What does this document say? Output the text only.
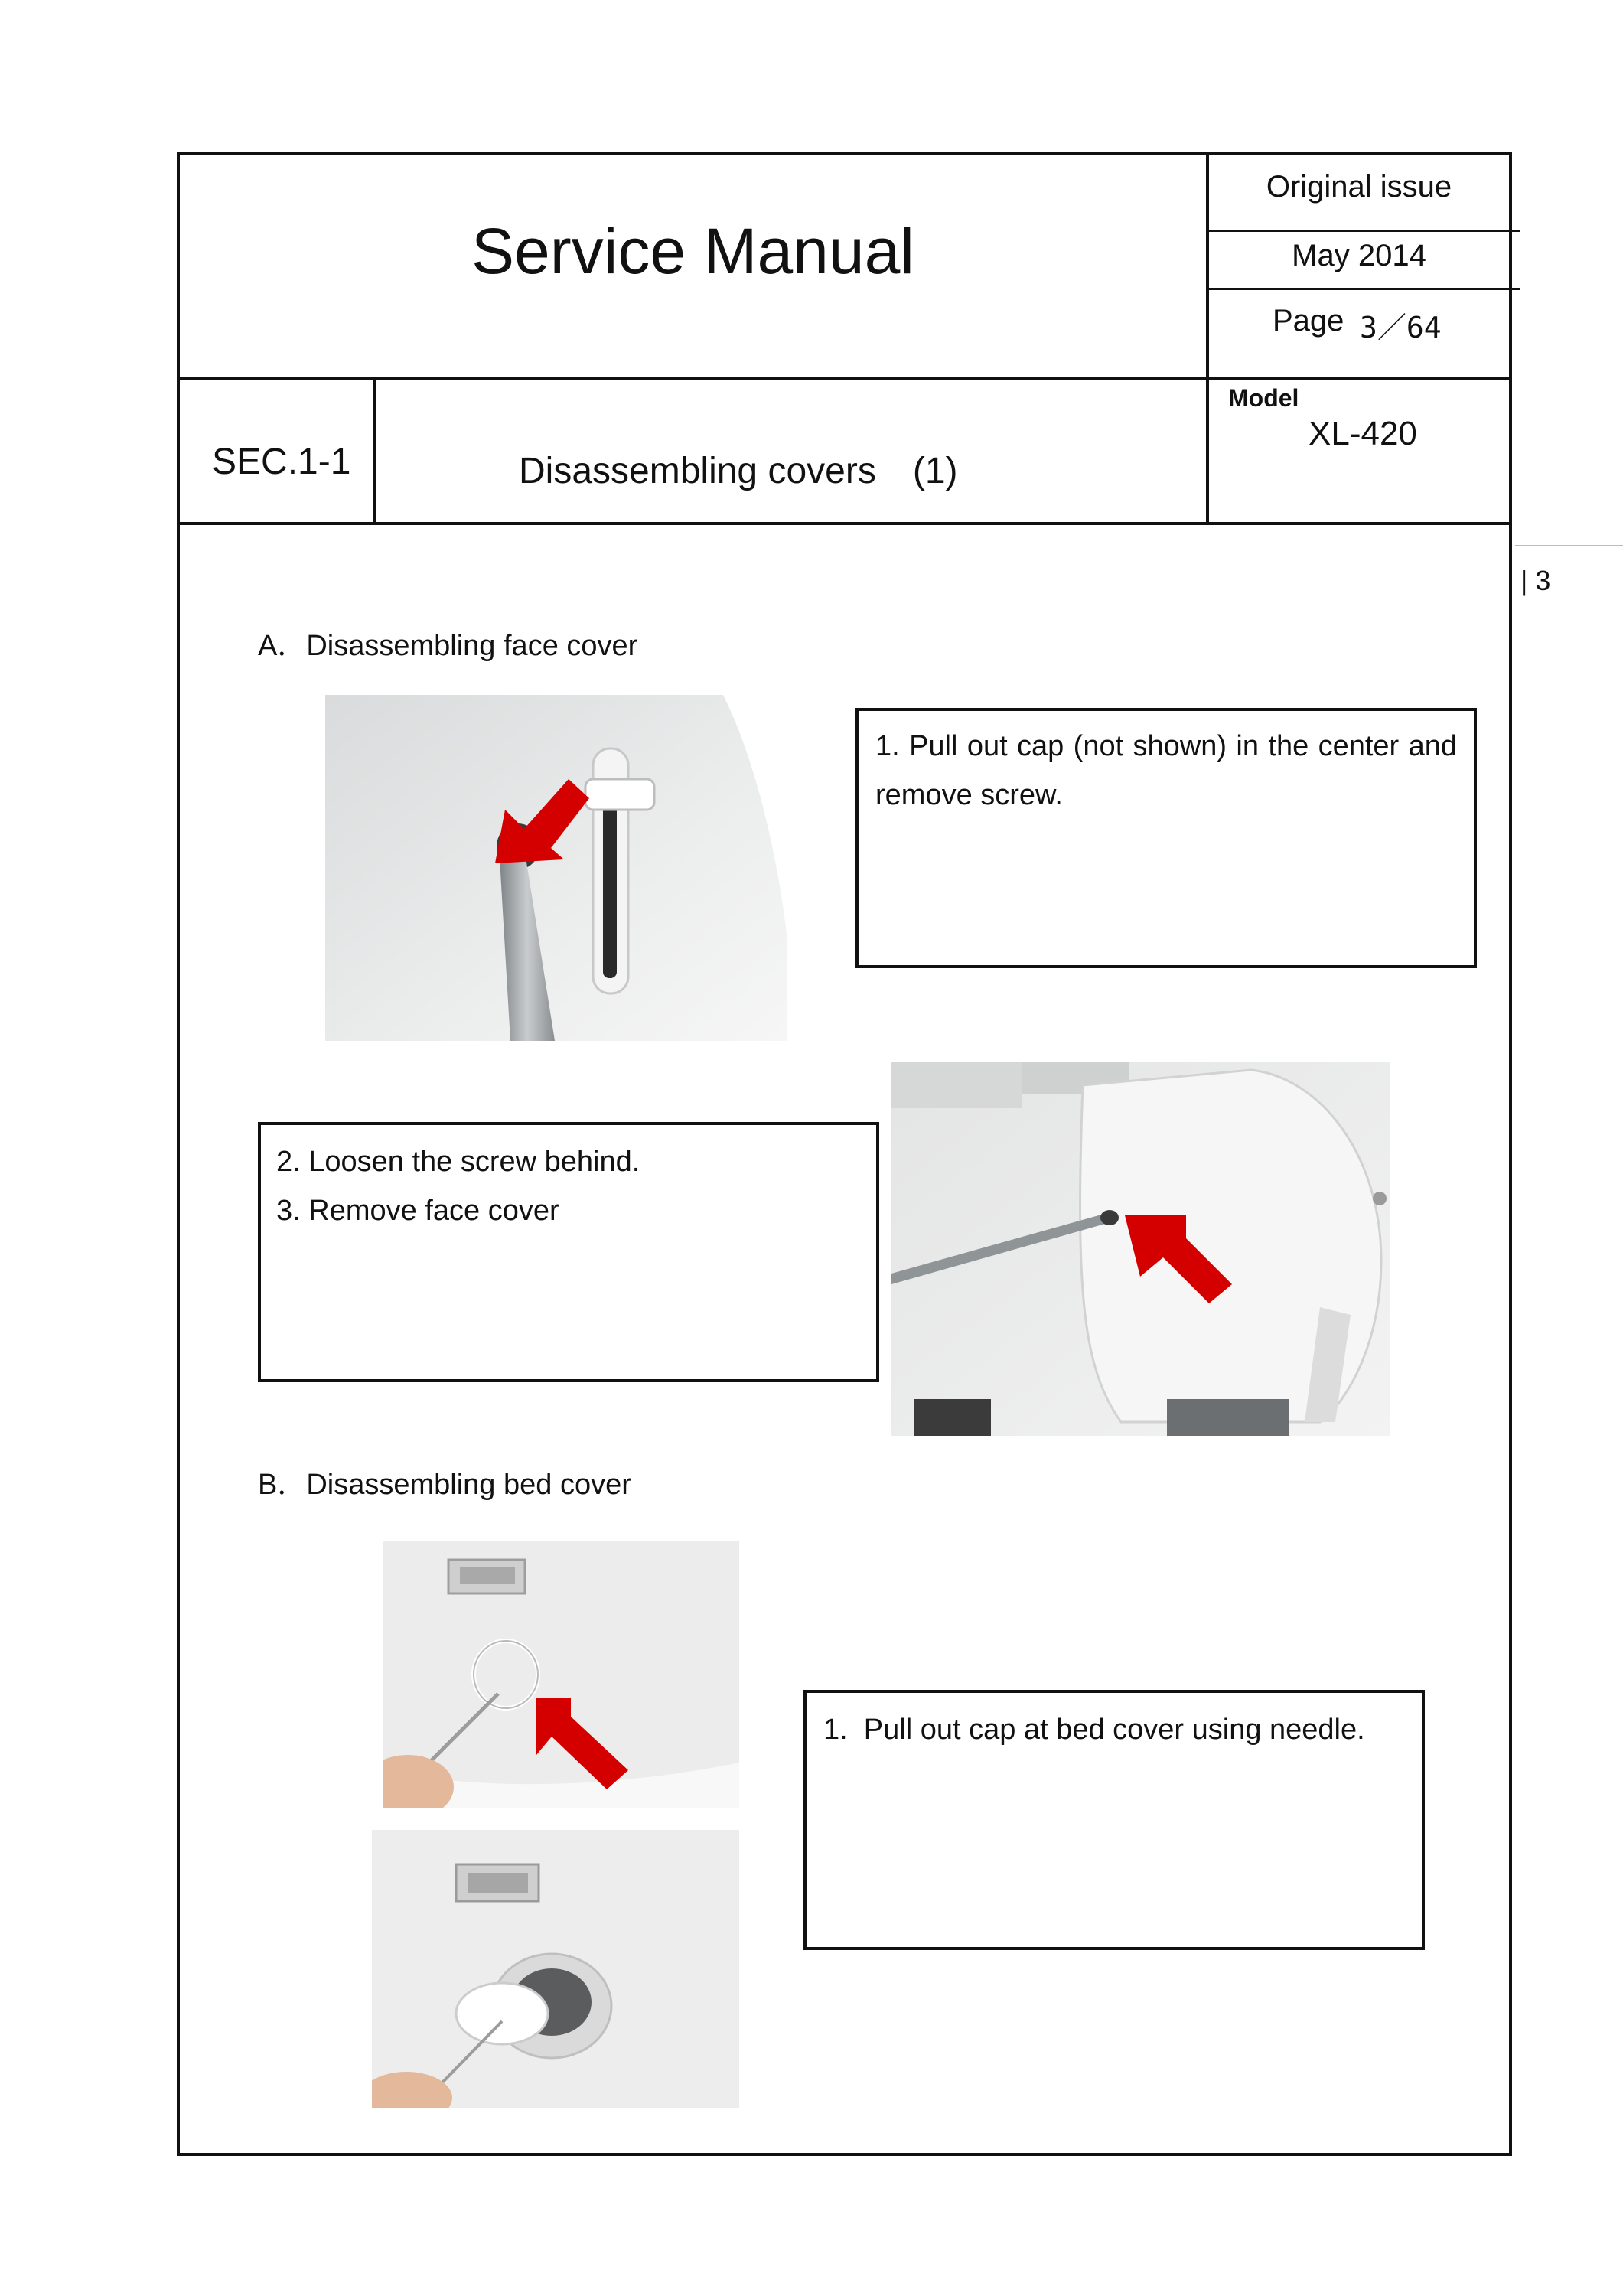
Service Manual
Original issue
May 2014
Page 3／64
Model
XL-420
SEC.1-1	Disassembling covers　(1)
| 3
A．Disassembling face cover
1. Pull out cap (not shown) in the center and remove screw.
2. Loosen the screw behind.
3. Remove face cover
B．Disassembling bed cover
1.  Pull out cap at bed cover using needle.
